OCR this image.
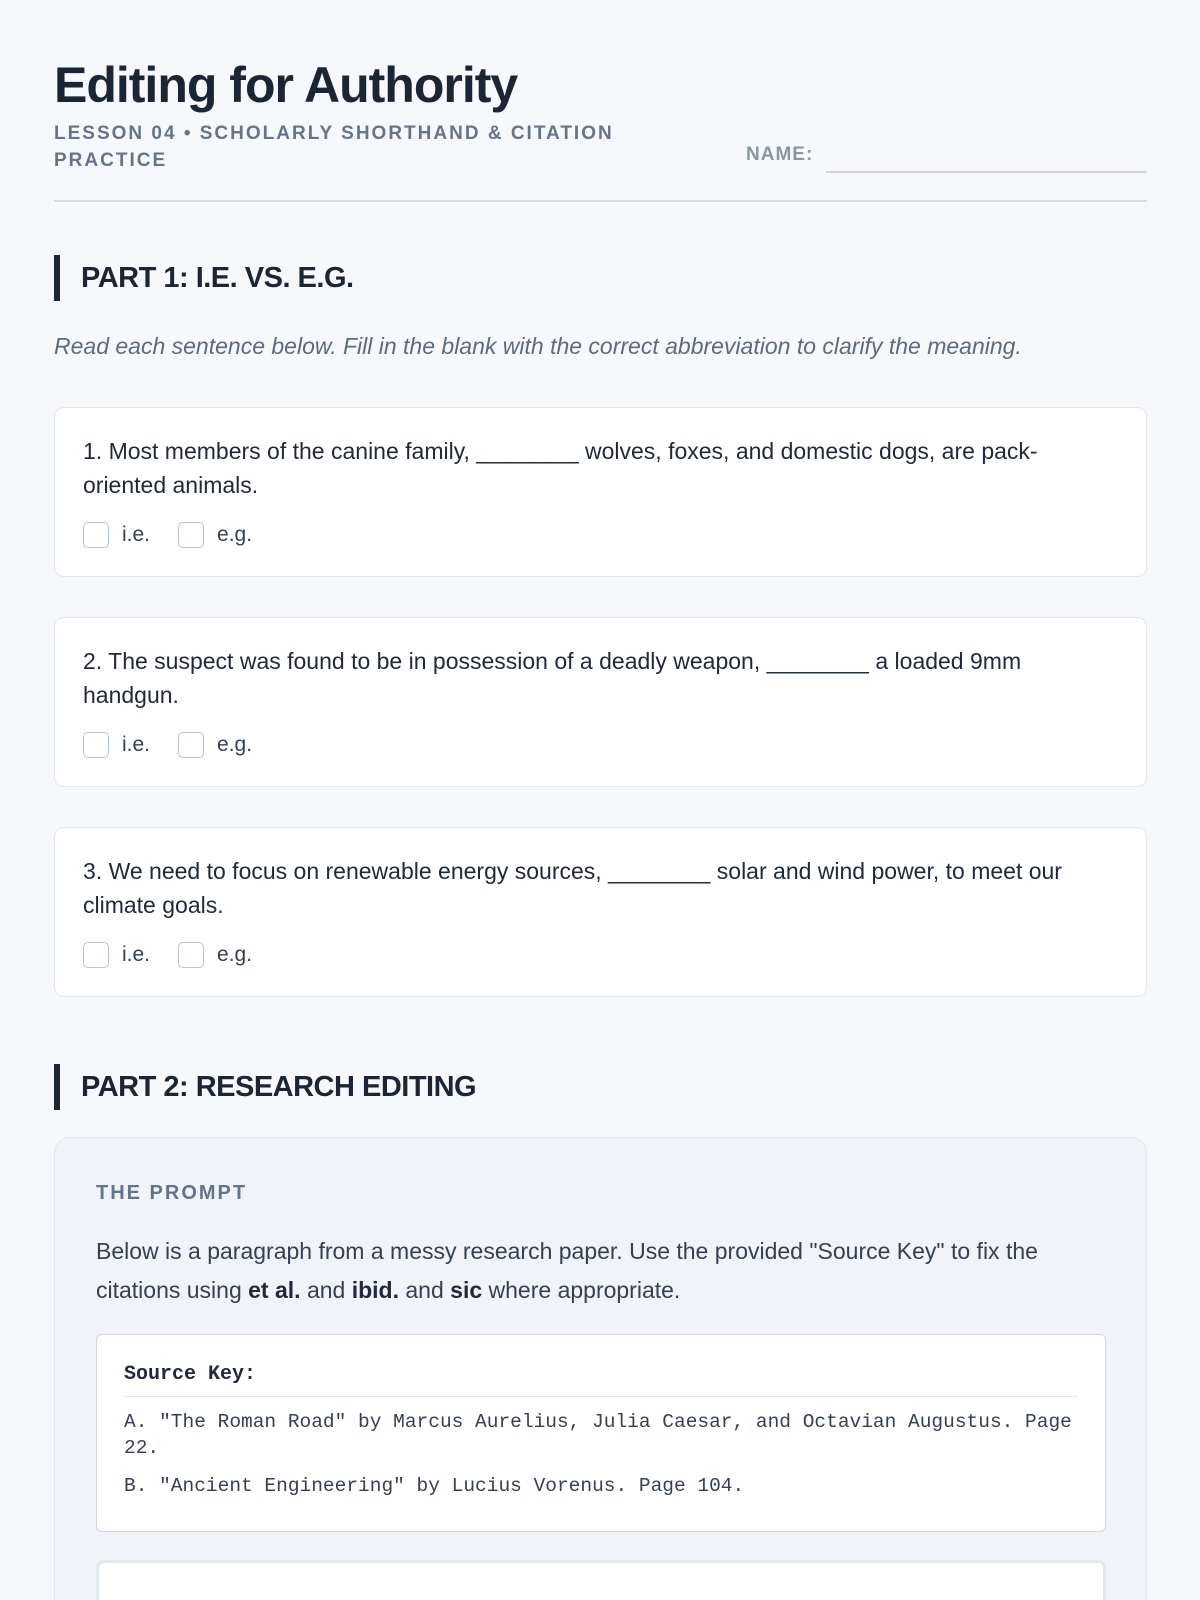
Editing for Authority
LESSON 04 • SCHOLARLY SHORTHAND & CITATION PRACTICE	NAME:
PART 1: I.E. VS. E.G.

Read each sentence below. Fill in the blank with the correct abbreviation to clarify the meaning.

1. Most members of the canine family, ________ wolves, foxes, and domestic dogs, are pack-oriented animals.

i.e.	e.g.

2. The suspect was found to be in possession of a deadly weapon, ________ a loaded 9mm handgun.

i.e.	e.g.

3. We need to focus on renewable energy sources, ________ solar and wind power, to meet our climate goals.

i.e.	e.g.
PART 2: RESEARCH EDITING
THE PROMPT

Below is a paragraph from a messy research paper. Use the provided "Source Key" to fix the citations using et al. and ibid. and sic where appropriate.

Source Key:
A. "The Roman Road" by Marcus Aurelius, Julia Caesar, and Octavian Augustus. Page 22.
B. "Ancient Engineering" by Lucius Vorenus. Page 104.
